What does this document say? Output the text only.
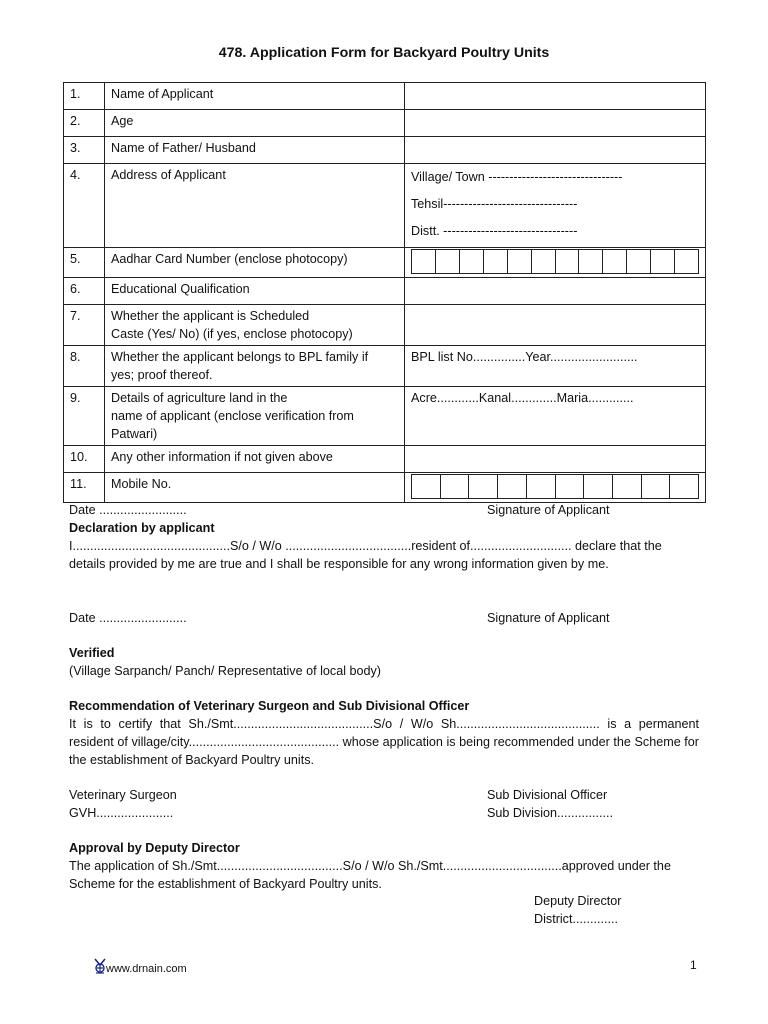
478. Application Form for Backyard Poultry Units
1.	Name of Applicant	
2.	Age	
3.	Name of Father/ Husband	
4.	Address of Applicant	Village/ Town --------------------------------
Tehsil--------------------------------
Distt. --------------------------------

5.	Aadhar Card Number (enclose photocopy)	

6.	Educational Qualification	
7.	Whether the applicant is Scheduled
Caste (Yes/ No) (if yes, enclose photocopy)	

8.	Whether the applicant belongs to BPL family if
yes; proof thereof.	BPL list No...............Year.........................
9.	Details of agriculture land in the
name of applicant (enclose verification from
Patwari)	Acre............Kanal.............Maria.............
10.	Any other information if not given above	
11.	Mobile No.	
Date .........................	Signature of Applicant
Declaration by applicant
I.............................................S/o / W/o ....................................resident of............................. declare that the details provided by me are true and I shall be responsible for any wrong information given by me.
Date .........................	Signature of Applicant
Verified
(Village Sarpanch/ Panch/ Representative of local body)
Recommendation of Veterinary Surgeon and Sub Divisional Officer
It is to certify that Sh./Smt........................................S/o / W/o Sh......................................... is a permanent resident of village/city........................................... whose application is being recommended under the Scheme for the establishment of Backyard Poultry units.
Veterinary Surgeon	Sub Divisional Officer
GVH......................	Sub Division................
Approval by Deputy Director
The application of Sh./Smt....................................S/o / W/o Sh./Smt..................................approved under the Scheme for the establishment of Backyard Poultry units.
Deputy Director
District.............
www.drnain.com	1
